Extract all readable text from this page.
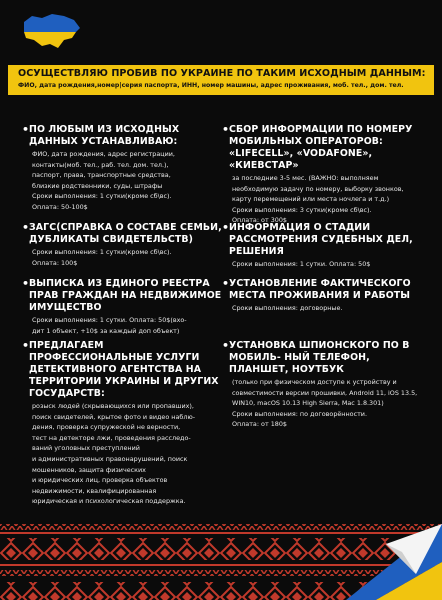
ОСУЩЕСТВЛЯЮ ПРОБИВ ПО УКРАИНЕ ПО ТАКИМ ИСХОДНЫМ ДАННЫМ:
ФИО, дата рождения,номер|серия паспорта, ИНН, номер машины, адрес проживания, моб. тел., дом. тел.
• ПО ЛЮБЫМ ИЗ ИСХОДНЫХ ДАННЫХ УСТАНАВЛИВАЮ:
ФИО, дата рождения, адрес регистрации,
контакты(моб. тел., раб. тел. дом. тел.),
паспорт, права, транспортные средства,
близкие родственники, суды, штрафы
Сроки выполнения: 1 сутки(кроме сб\вс).
Оплата: 50-100$
• ЗАГС(СПРАВКА О СОСТАВЕ СЕМЬИ, ДУБЛИКАТЫ СВИДЕТЕЛЬСТВ)
Сроки выполнения: 1 сутки(кроме сб\вс).
Оплата: 100$
• ВЫПИСКА ИЗ ЕДИНОГО РЕЕСТРА ПРАВ ГРАЖДАН НА НЕДВИЖИМОЕ ИМУЩЕСТВО
Сроки выполнения: 1 сутки. Оплата: 50$(вхо-
дит 1 объект, +10$ за каждый доп объект)
• ПРЕДЛАГАЕМ ПРОФЕССИОНАЛЬНЫЕ УСЛУГИ ДЕТЕКТИВНОГО АГЕНТСТВА НА ТЕРРИТОРИИ УКРАИНЫ И ДРУГИХ ГОСУДАРСТВ:
розыск людей (скрывающихся или пропавших),
поиск свидетелей, крытое фото и видео наблю-
дения, проверка супружеской не верности,
тест на детекторе лжи, проведения расследо-
ваний уголовных преступлений
и административных правонарушений, поиск
мошенников, защита физических
и юридических лиц, проверка объектов
недвижимости, квалифицированная
юридическая и психологическая поддержка.
• СБОР ИНФОРМАЦИИ ПО НОМЕРУ МОБИЛЬНЫХ ОПЕРАТОРОВ: «LIFECELL», «VODAFONE», «КИЕВСТАР»
за последние 3-5 мес. (ВАЖНО: выполняем
необходимую задачу по номеру, выборку звонков,
карту перемещений или места ночлега и т.д.)
Сроки выполнения: 3 сутки(кроме сб\вс).
Оплата: от 300$
• ИНФОРМАЦИЯ О СТАДИИ РАССМОТРЕНИЯ СУДЕБНЫХ ДЕЛ, РЕШЕНИЯ
Сроки выполнения: 1 сутки. Оплата: 50$
• УСТАНОВЛЕНИЕ ФАКТИЧЕСКОГО МЕСТА ПРОЖИВАНИЯ И РАБОТЫ
Сроки выполнения: договорные.
• УСТАНОВКА ШПИОНСКОГО ПО В МОБИЛЬ- НЫЙ ТЕЛЕФОН, ПЛАНШЕТ, НОУТБУК
(только при физическом доступе к устройству и
совместимости версии прошивки, Android 11, iOS 13.5,
WIN10, macOS 10.13 High Sierra, Mac 1.8.301)
Сроки выполнения: по договорённости.
Оплата: от 180$
